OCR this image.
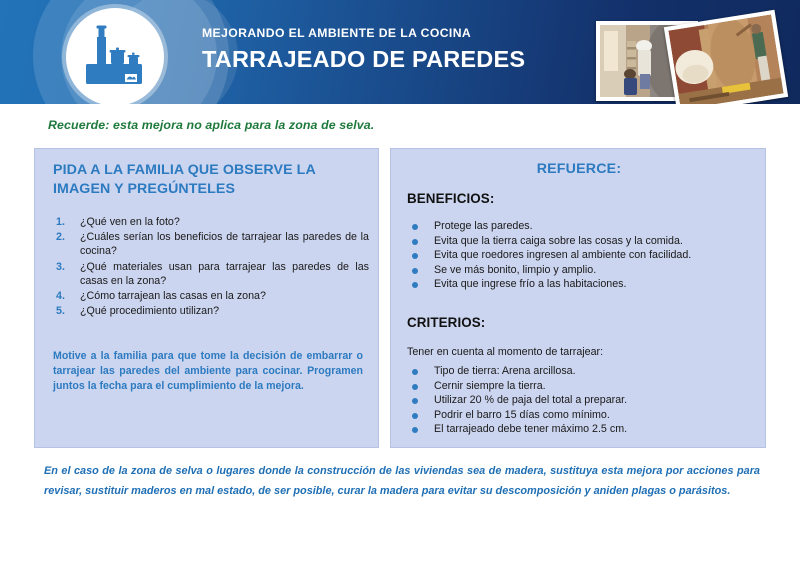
MEJORANDO EL AMBIENTE DE LA COCINA

TARRAJEADO DE PAREDES
Recuerde: esta mejora no aplica para la zona de selva.
PIDA A LA FAMILIA QUE OBSERVE LA IMAGEN Y PREGÚNTELES
1. ¿Qué ven en la foto?
2. ¿Cuáles serían los beneficios de tarrajear las paredes de la cocina?
3. ¿Qué materiales usan para tarrajear las paredes de las casas en la zona?
4. ¿Cómo tarrajean las casas en la zona?
5. ¿Qué procedimiento utilizan?
Motive a la familia para que tome la decisión de embarrar o tarrajear las paredes del ambiente para cocinar. Programen juntos la fecha para el cumplimiento de la mejora.
REFUERCE:
BENEFICIOS:
Protege las paredes.
Evita que la tierra caiga sobre las cosas y la comida.
Evita que roedores ingresen al ambiente con facilidad.
Se ve más bonito, limpio y amplio.
Evita que ingrese frío a las habitaciones.
CRITERIOS:
Tener en cuenta al momento de tarrajear:
Tipo de tierra: Arena arcillosa.
Cernir siempre la tierra.
Utilizar 20 % de paja del total a preparar.
Podrir el barro 15 días como mínimo.
El tarrajeado debe tener máximo 2.5 cm.
En el caso de la zona de selva o lugares donde la construcción de las viviendas sea de madera, sustituya esta mejora por acciones para revisar, sustituir maderos en mal estado, de ser posible, curar la madera para evitar su descomposición y aniden plagas o parásitos.
